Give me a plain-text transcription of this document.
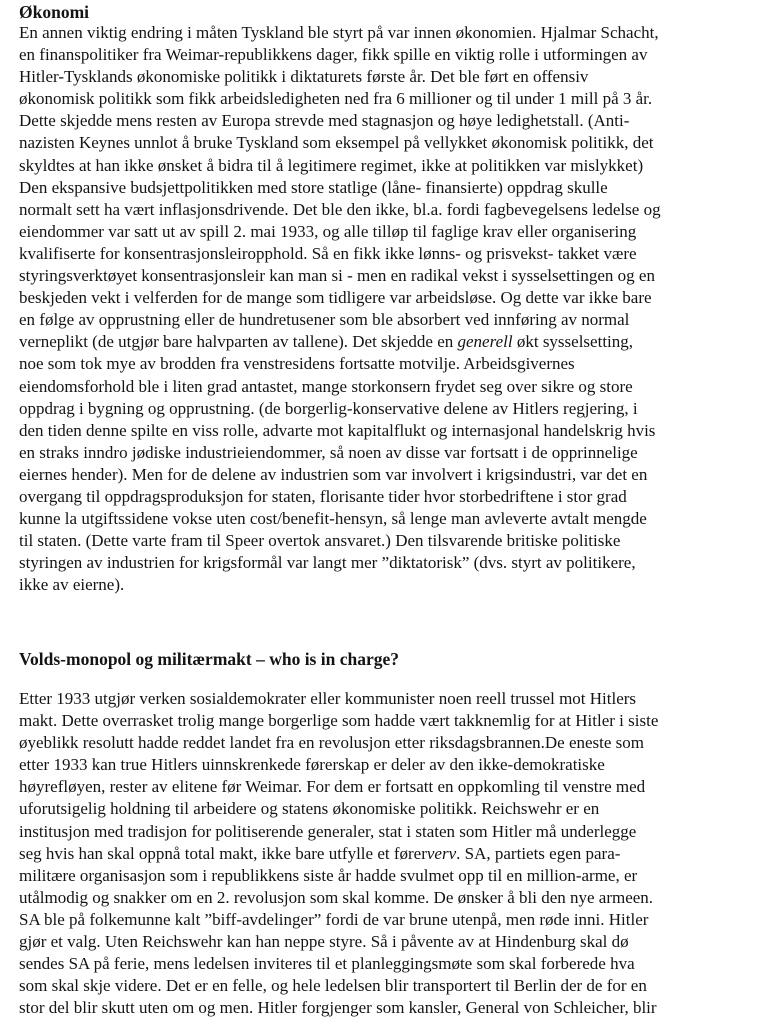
Økonomi
En annen viktig endring i måten Tyskland ble styrt på var innen økonomien. Hjalmar Schacht,
en finanspolitiker fra Weimar-republikkens dager, fikk spille en viktig rolle i utformingen av
Hitler-Tysklands økonomiske politikk i diktaturets første år. Det ble ført en offensiv
økonomisk politikk som fikk arbeidsledigheten ned fra 6 millioner og til under 1 mill på 3 år.
Dette skjedde mens resten av Europa strevde med stagnasjon og høye ledighetstall. (Anti-
nazisten Keynes unnlot å bruke Tyskland som eksempel på vellykket økonomisk politikk, det
skyldtes at han ikke ønsket å bidra til å legitimere regimet, ikke at politikken var mislykket)
Den ekspansive budsjettpolitikken med store statlige (låne- finansierte) oppdrag skulle
normalt sett ha vært inflasjonsdrivende. Det ble den ikke, bl.a. fordi fagbevegelsens ledelse og
eiendommer var satt ut av spill 2. mai 1933, og alle tilløp til faglige krav eller organisering
kvalifiserte for konsentrasjonsleiropphold. Så en fikk ikke lønns- og prisvekst- takket være
styringsverktøyet konsentrasjonsleir kan man si - men en radikal vekst i sysselsettingen og en
beskjeden vekt i velferden for de mange som tidligere var arbeidsløse. Og dette var ikke bare
en følge av opprustning eller de hundretusener som ble absorbert ved innføring av normal
verneplikt (de utgjør bare halvparten av tallene). Det skjedde en generell økt sysselsetting,
noe som tok mye av brodden fra venstresidens fortsatte motvilje. Arbeidsgivernes
eiendomsforhold ble i liten grad antastet, mange storkonsern frydet seg over sikre og store
oppdrag i bygning og opprustning. (de borgerlig-konservative delene av Hitlers regjering, i
den tiden denne spilte en viss rolle, advarte mot kapitalflukt og internasjonal handelskrig hvis
en straks inndro jødiske industrieiendommer, så noen av disse var fortsatt i de opprinnelige
eiernes hender). Men for de delene av industrien som var involvert i krigsindustri, var det en
overgang til oppdragsproduksjon for staten, florisante tider hvor storbedriftene i stor grad
kunne la utgiftssidene vokse uten cost/benefit-hensyn, så lenge man avleverte avtalt mengde
til staten. (Dette varte fram til Speer overtok ansvaret.) Den tilsvarende britiske politiske
styringen av industrien for krigsformål var langt mer ”diktatorisk” (dvs. styrt av politikere,
ikke av eierne).
Volds-monopol og militærmakt – who is in charge?
Etter 1933 utgjør verken sosialdemokrater eller kommunister noen reell trussel mot Hitlers
makt. Dette overrasket trolig mange borgerlige som hadde vært takknemlig for at Hitler i siste
øyeblikk resolutt hadde reddet landet fra en revolusjon etter riksdagsbrannen.De eneste som
etter 1933 kan true Hitlers uinnskrenkede førerskap er deler av den ikke-demokratiske
høyrefløyen, rester av elitene før Weimar. For dem er fortsatt en oppkomling til venstre med
uforutsigelig holdning til arbeidere og statens økonomiske politikk. Reichswehr er en
institusjon med tradisjon for politiserende generaler, stat i staten som Hitler må underlegge
seg hvis han skal oppnå total makt, ikke bare utfylle et førerverv. SA, partiets egen para-
militære organisasjon som i republikkens siste år hadde svulmet opp til en million-arme, er
utålmodig og snakker om en 2. revolusjon som skal komme. De ønsker å bli den nye armeen.
SA ble på folkemunne kalt ”biff-avdelinger” fordi de var brune utenpå, men røde inni. Hitler
gjør et valg. Uten Reichswehr kan han neppe styre. Så i påvente av at Hindenburg skal dø
sendes SA på ferie, mens ledelsen inviteres til et planleggingsmøte som skal forberede hva
som skal skje videre. Det er en felle, og hele ledelsen blir transportert til Berlin der de for en
stor del blir skutt uten om og men. Hitler forgjenger som kansler, General von Schleicher, blir
